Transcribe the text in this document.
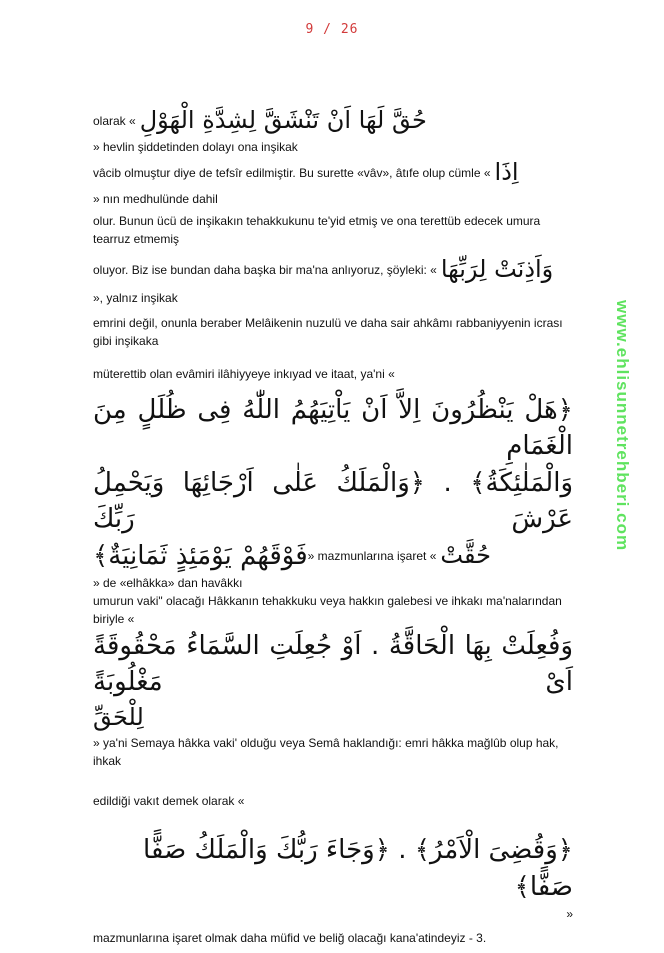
9 / 26
olarak « حُقَّ لَهَا اَنْ تَنْشَقَّ لِشِدَّةِ الْهَوْلِ
» hevlin şiddetinden dolayı ona inşikak
vâcib olmuştur diye de tefsîr edilmiştir. Bu surette «vâv», âtıfe olup cümle « اِذَا
» nın medhulünde dahil
olur. Bunun ücü de inşikakın tehakkukunu te'yid etmiş ve ona terettüb edecek umura tearruz etmemiş
oluyor. Biz ise bundan daha başka bir ma'na anlıyoruz, şöyleki: « وَاَذِنَتْ لِرَبِّهَا
», yalnız inşikak
emrini değil, onunla beraber Melâikenin nuzulü ve daha sair ahkâmı rabbaniyyenin icrası gibi inşikaka
müterettib olan evâmiri ilâhiyyeye inkıyad ve itaat, ya'ni «
﴿هَلْ يَنْظُرُونَ اِلاَّ اَنْ يَاْتِيَهُمُ اللّٰهُ فِى ظُلَلٍ مِنَ الْغَمَامِ
وَالْمَلٰئِكَةُ﴾ . ﴿وَالْمَلَكُ عَلٰى اَرْجَائِهَا وَيَحْمِلُ عَرْشَ رَبِّكَ
فَوْقَهُمْ يَوْمَئِذٍ ثَمَانِيَةٌ﴾ » mazmunlarına işaret « حُقَّتْ
» de «elhâkka» dan havâkkı
umurun vaki" olacağı Hâkkanın tehakkuku veya hakkın galebesi ve ihkakı ma'nalarından biriyle «
وَفُعِلَتْ بِهَا الْحَاقَّةُ . اَوْ جُعِلَتِ السَّمَاءُ مَحْقُوقَةً اَىْ مَغْلُوبَةً
لِلْحَقِّ
» ya'ni Semaya hâkka vaki' olduğu veya Semâ haklandığı: emri hâkka mağlûb olup hak, ihkak
edildiği vakıt demek olarak «
﴿وَقُضِىَ الْاَمْرُ﴾ . ﴿وَجَاءَ رَبُّكَ وَالْمَلَكُ صَفًّا صَفًّا﴾
»
mazmunlarına işaret olmak daha müfid ve beliğ olacağı kana'atindeyiz - 3.
www.ehlisunnetrehberi.com
